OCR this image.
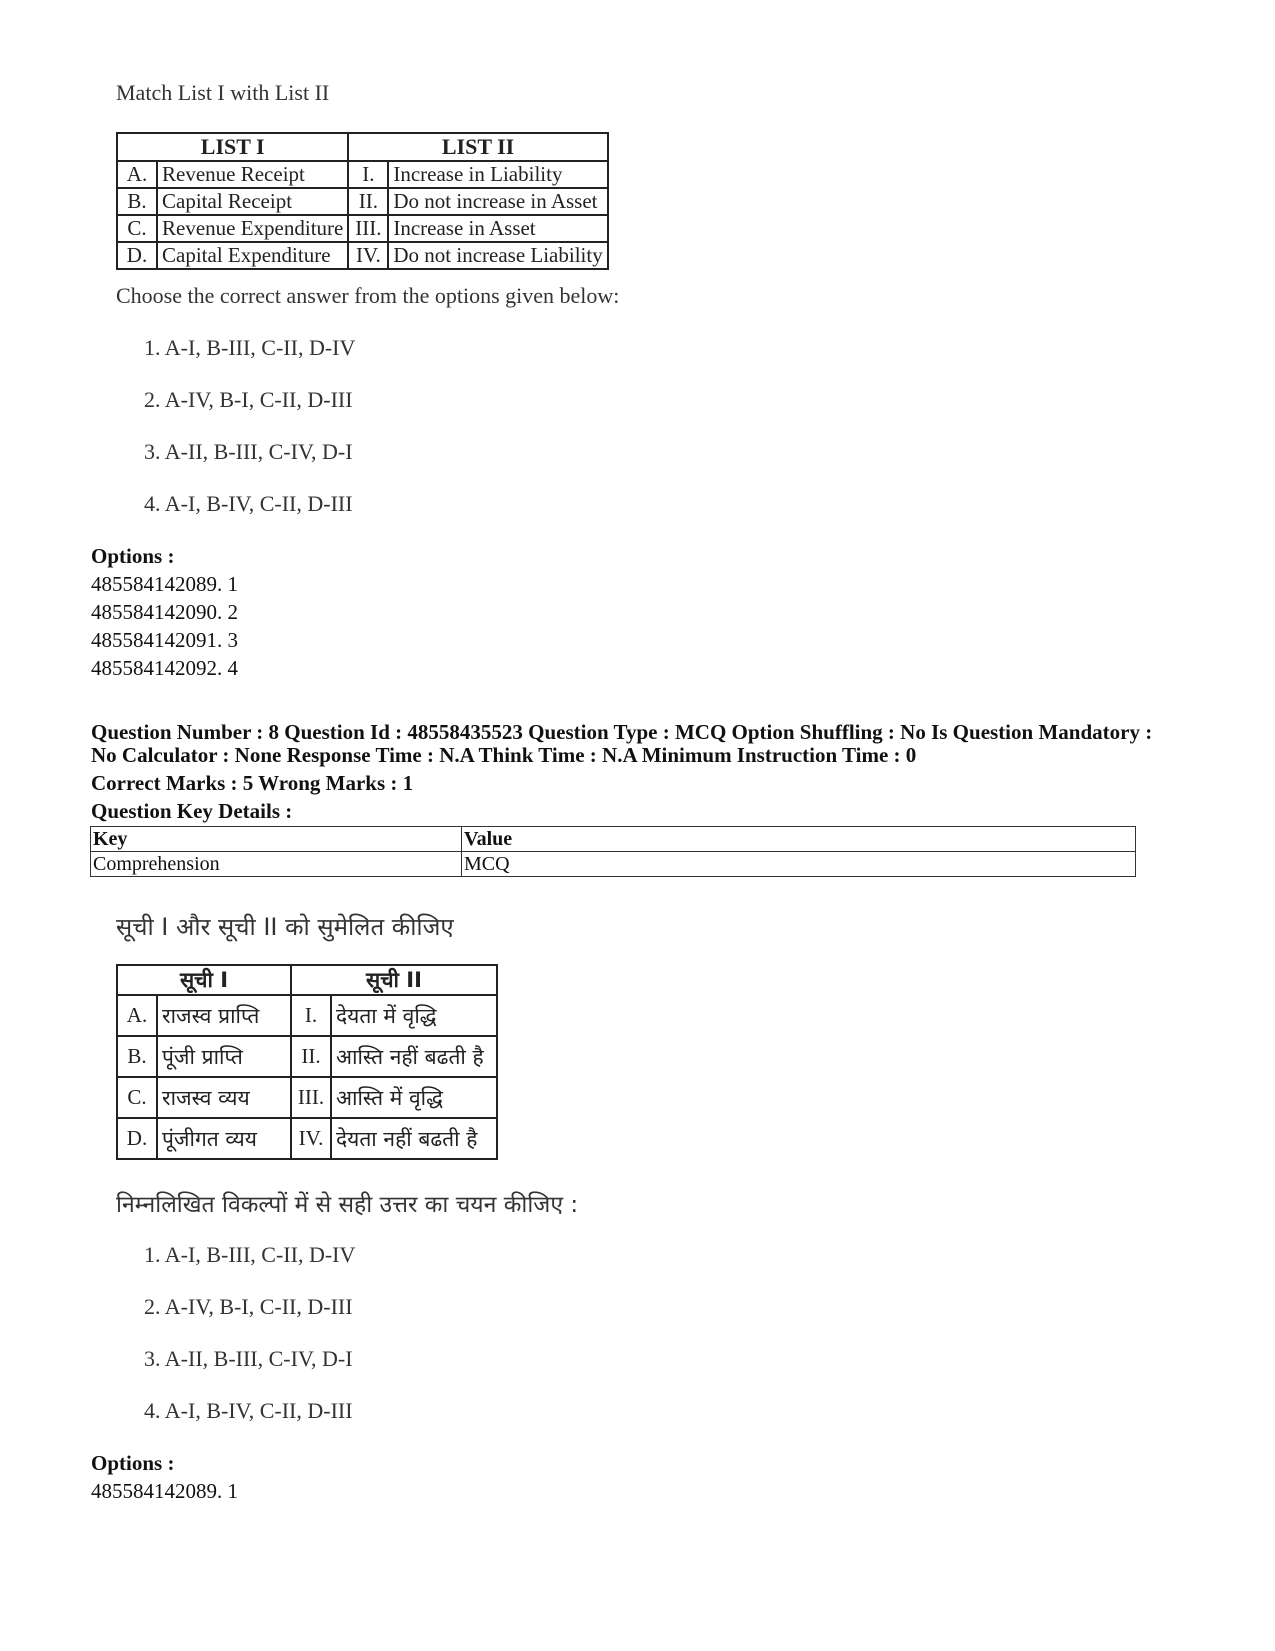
Match List I with List II
LIST I		LIST II	
A.	Revenue Receipt	I.	Increase in Liability
B.	Capital Receipt	II.	Do not increase in Asset
C.	Revenue Expenditure	III.	Increase in Asset
D.	Capital Expenditure	IV.	Do not increase Liability
Choose the correct answer from the options given below:
1. A-I, B-III, C-II, D-IV
2. A-IV, B-I, C-II, D-III
3. A-II, B-III, C-IV, D-I
4. A-I, B-IV, C-II, D-III
Options :
485584142089. 1
485584142090. 2
485584142091. 3
485584142092. 4
Question Number : 8 Question Id : 48558435523 Question Type : MCQ Option Shuffling : No Is Question Mandatory :
No Calculator : None Response Time : N.A Think Time : N.A Minimum Instruction Time : 0
Correct Marks : 5 Wrong Marks : 1
Question Key Details :
Key	Value
Comprehension	MCQ
सूची I और सूची II को सुमेलित कीजिए
सूची I		सूची II	
A.	राजस्व प्राप्ति	I.	देयता में वृद्धि
B.	पूंजी प्राप्ति	II.	आस्ति नहीं बढती है
C.	राजस्व व्यय	III.	आस्ति में वृद्धि
D.	पूंजीगत व्यय	IV.	देयता नहीं बढती है
निम्नलिखित विकल्पों में से सही उत्तर का चयन कीजिए :
1. A-I, B-III, C-II, D-IV
2. A-IV, B-I, C-II, D-III
3. A-II, B-III, C-IV, D-I
4. A-I, B-IV, C-II, D-III
Options :
485584142089. 1
